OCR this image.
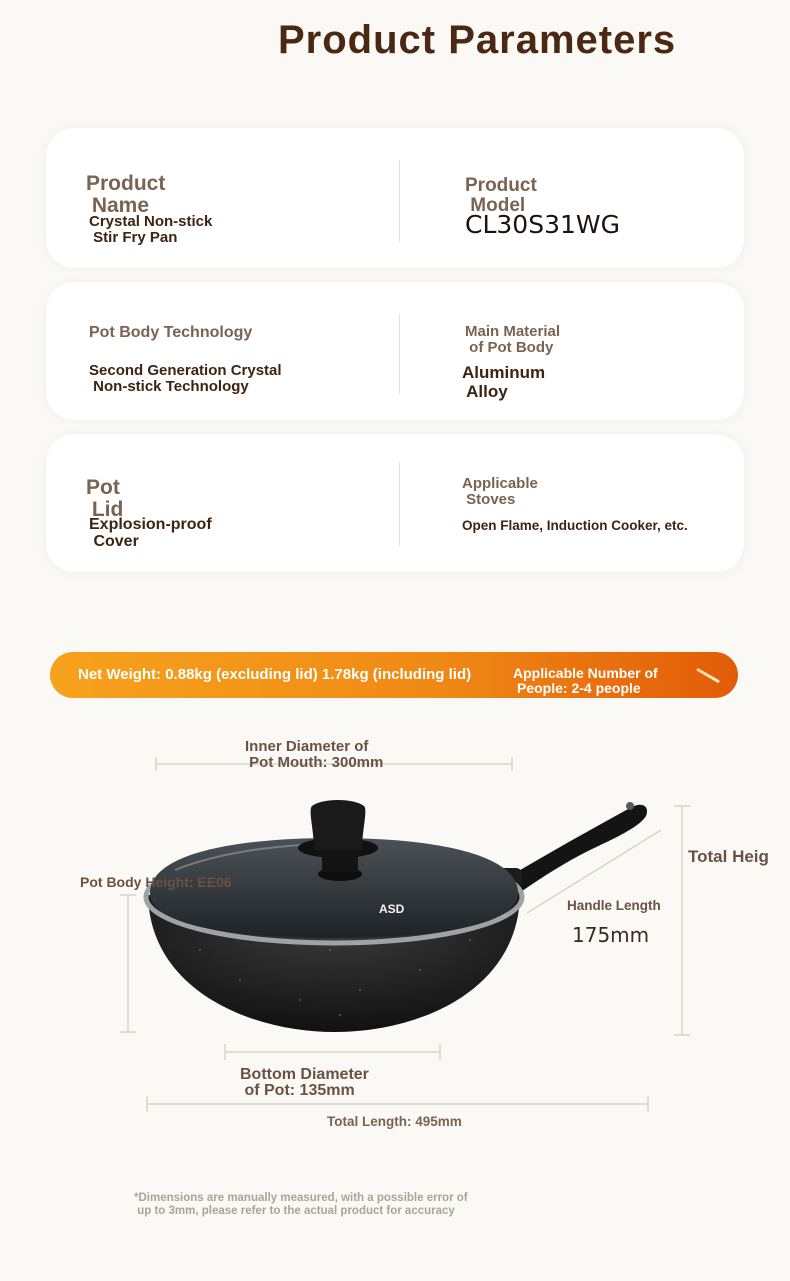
Product Parameters
Product
Name
Crystal Non-stick
Stir Fry Pan
Product
Model
CL30S31WG
Pot Body Technology
Second Generation Crystal
Non-stick Technology
Main Material
of Pot Body
Aluminum
Alloy
Pot
Lid
Explosion-proof
Cover
Applicable
Stoves
Open Flame, Induction Cooker, etc.
Net Weight: 0.88kg (excluding lid) 1.78kg (including lid)	Applicable Number of
People: 2-4 people
ASD
Inner Diameter of
Pot Mouth: 300mm
Pot Body Height: EE06
Total Heig
Handle Length
175mm
Bottom Diameter
of Pot: 135mm
Total Length: 495mm
*Dimensions are manually measured, with a possible error of
up to 3mm, please refer to the actual product for accuracy
